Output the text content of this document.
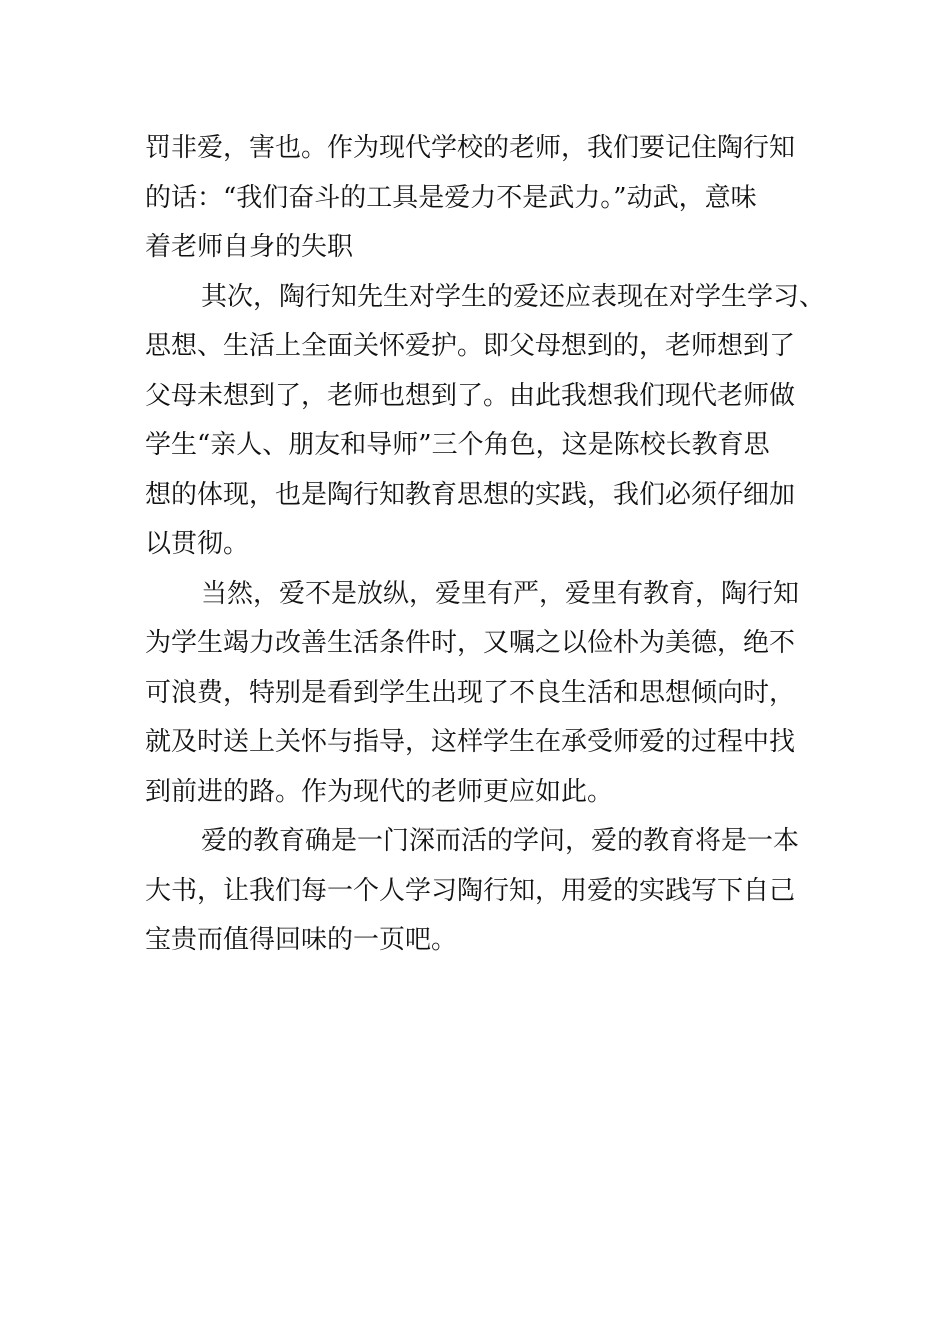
罚非爱，害也。作为现代学校的老师，我们要记住陶行知
的话：“我们奋斗的工具是爱力不是武力。”动武，意味
着老师自身的失职

其次，陶行知先生对学生的爱还应表现在对学生学习、
思想、生活上全面关怀爱护。即父母想到的，老师想到了
父母未想到了，老师也想到了。由此我想我们现代老师做
学生“亲人、朋友和导师”三个角色，这是陈校长教育思
想的体现，也是陶行知教育思想的实践，我们必须仔细加
以贯彻。

当然，爱不是放纵，爱里有严，爱里有教育，陶行知
为学生竭力改善生活条件时，又嘱之以俭朴为美德，绝不
可浪费，特别是看到学生出现了不良生活和思想倾向时，
就及时送上关怀与指导，这样学生在承受师爱的过程中找
到前进的路。作为现代的老师更应如此。

爱的教育确是一门深而活的学问，爱的教育将是一本
大书，让我们每一个人学习陶行知，用爱的实践写下自己
宝贵而值得回味的一页吧。
